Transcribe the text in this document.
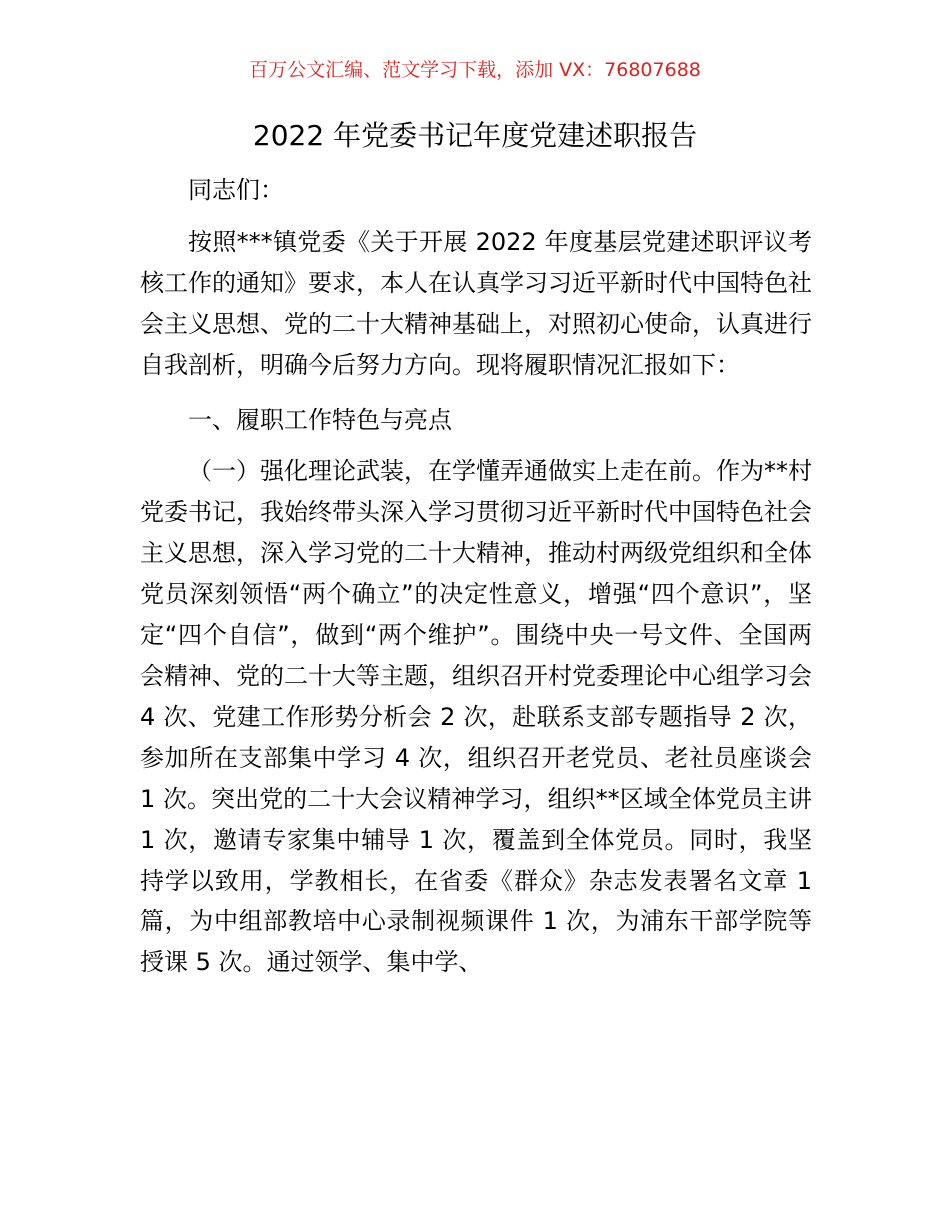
百万公文汇编、范文学习下载，添加 VX：76807688
2022 年党委书记年度党建述职报告

同志们：

按照***镇党委《关于开展 2022 年度基层党建述职评议考核工作的通知》要求，本人在认真学习习近平新时代中国特色社会主义思想、党的二十大精神基础上，对照初心使命，认真进行自我剖析，明确今后努力方向。现将履职情况汇报如下：

一、履职工作特色与亮点

（一）强化理论武装，在学懂弄通做实上走在前。作为**村党委书记，我始终带头深入学习贯彻习近平新时代中国特色社会主义思想，深入学习党的二十大精神，推动村两级党组织和全体党员深刻领悟“两个确立”的决定性意义，增强“四个意识”，坚定“四个自信”，做到“两个维护”。围绕中央一号文件、全国两会精神、党的二十大等主题，组织召开村党委理论中心组学习会 4 次、党建工作形势分析会 2 次，赴联系支部专题指导 2 次，参加所在支部集中学习 4 次，组织召开老党员、老社员座谈会 1 次。突出党的二十大会议精神学习，组织**区域全体党员主讲 1 次，邀请专家集中辅导 1 次，覆盖到全体党员。同时，我坚持学以致用，学教相长，在省委《群众》杂志发表署名文章 1 篇，为中组部教培中心录制视频课件 1 次，为浦东干部学院等授课 5 次。通过领学、集中学、
